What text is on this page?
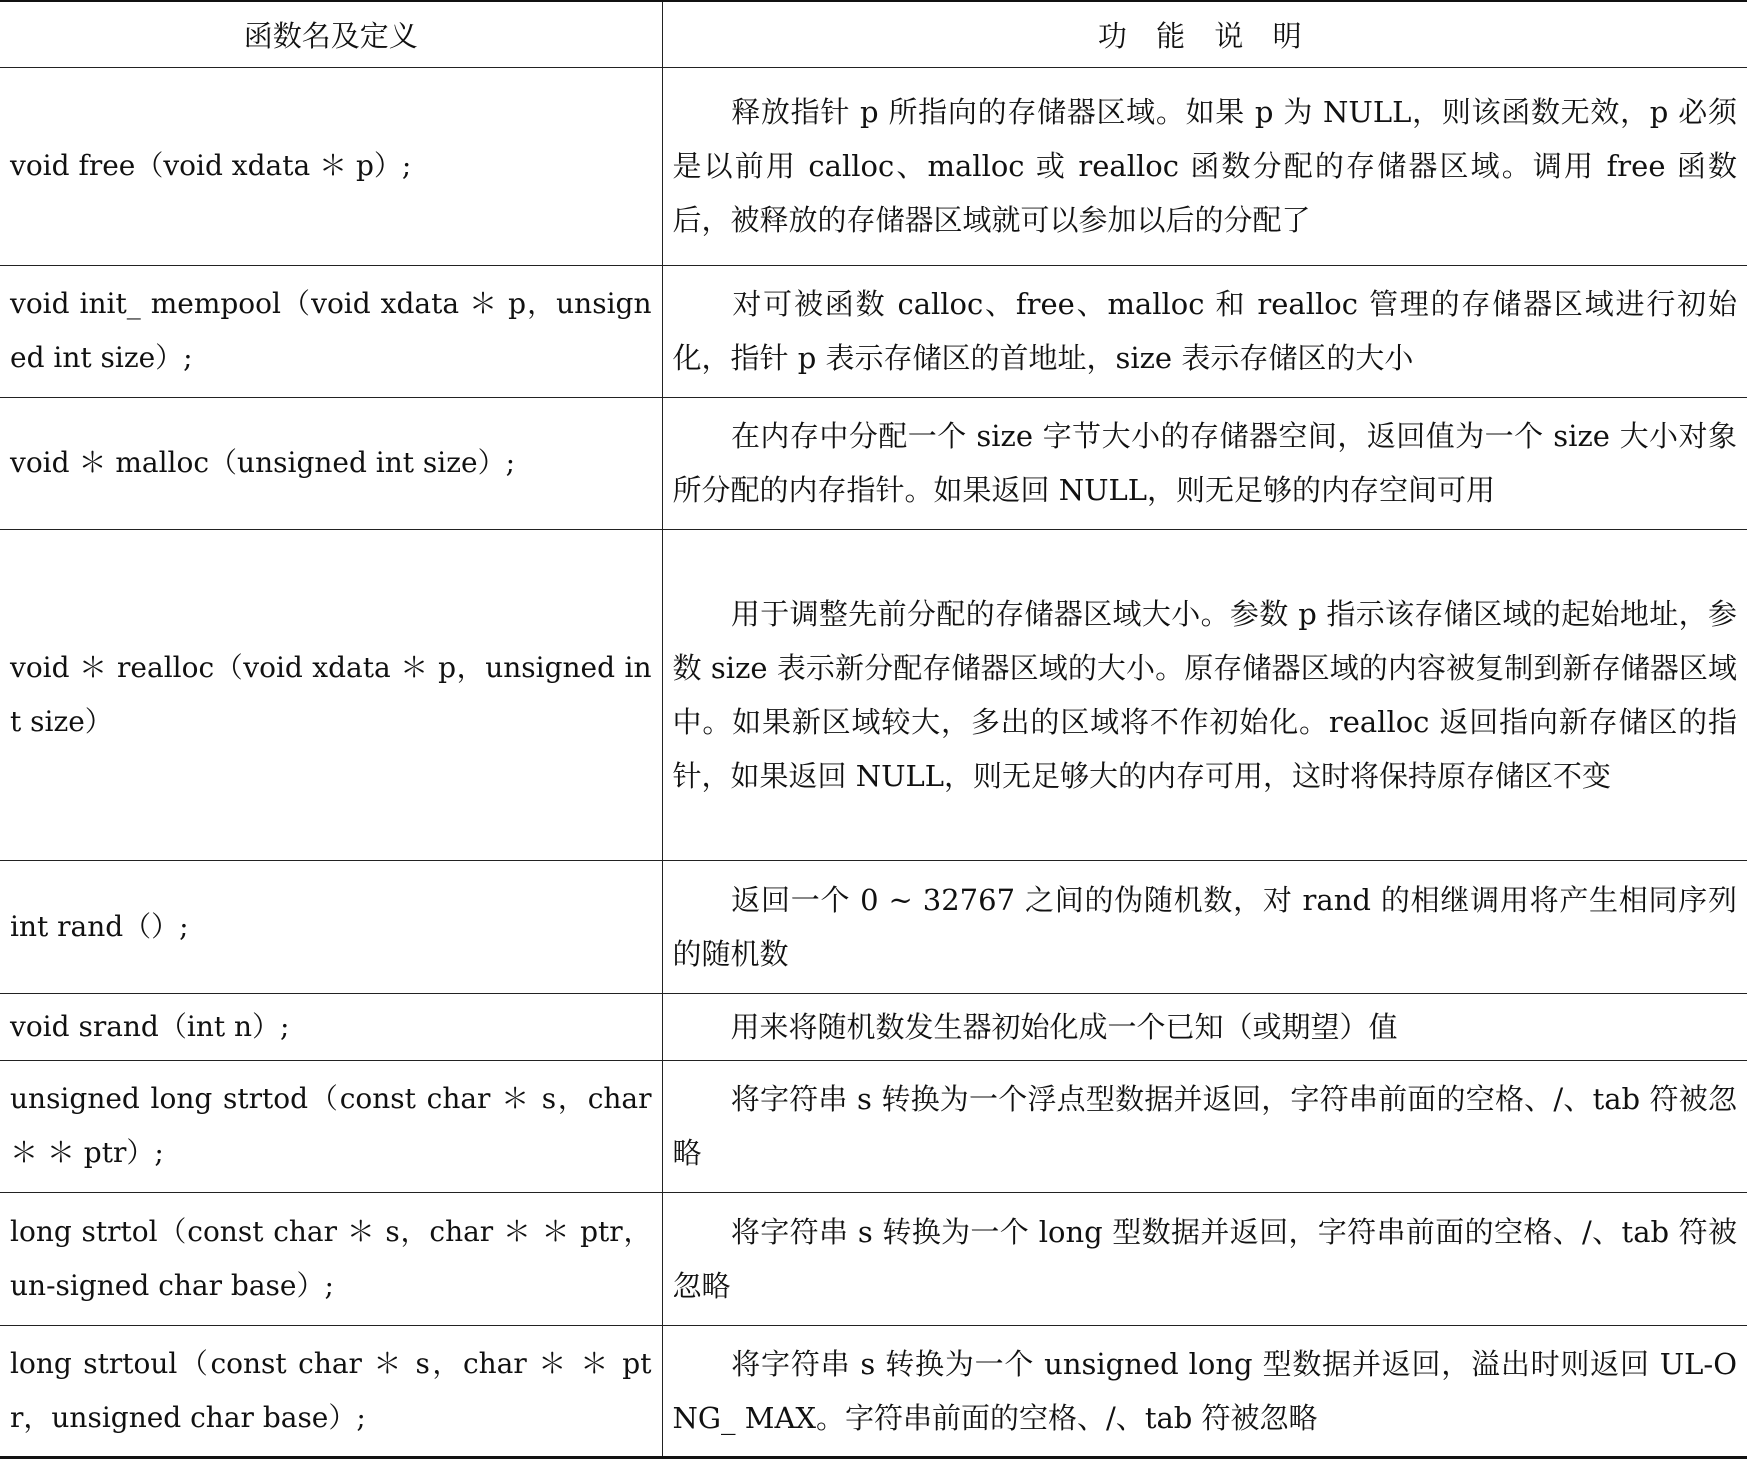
函数名及定义	功 能 说 明
void free（void xdata ＊ p）;	释放指针 p 所指向的存储器区域。如果 p 为 NULL，则该函数无效，p 必须是以前用 calloc、malloc 或 realloc 函数分配的存储器区域。调用 free 函数后，被释放的存储器区域就可以参加以后的分配了
void init_ mempool（void xdata ＊ p，unsigned int size）;	对可被函数 calloc、free、malloc 和 realloc 管理的存储器区域进行初始化，指针 p 表示存储区的首地址，size 表示存储区的大小
void ＊ malloc（unsigned int size）;	在内存中分配一个 size 字节大小的存储器空间，返回值为一个 size 大小对象所分配的内存指针。如果返回 NULL，则无足够的内存空间可用
void ＊ realloc（void xdata ＊ p，unsigned int size）	用于调整先前分配的存储器区域大小。参数 p 指示该存储区域的起始地址，参数 size 表示新分配存储器区域的大小。原存储器区域的内容被复制到新存储器区域中。如果新区域较大，多出的区域将不作初始化。realloc 返回指向新存储区的指针，如果返回 NULL，则无足够大的内存可用，这时将保持原存储区不变
int rand（）;	返回一个 0 ~ 32767 之间的伪随机数，对 rand 的相继调用将产生相同序列的随机数
void srand（int n）;	用来将随机数发生器初始化成一个已知（或期望）值
unsigned long strtod（const char ＊ s，char ＊ ＊ ptr）;	将字符串 s 转换为一个浮点型数据并返回，字符串前面的空格、/、tab 符被忽略
long strtol（const char ＊ s，char ＊ ＊ ptr，un-signed char base）;	将字符串 s 转换为一个 long 型数据并返回，字符串前面的空格、/、tab 符被忽略
long strtoul（const char ＊ s，char ＊ ＊ ptr，unsigned char base）;	将字符串 s 转换为一个 unsigned long 型数据并返回，溢出时则返回 UL-ONG_ MAX。字符串前面的空格、/、tab 符被忽略
